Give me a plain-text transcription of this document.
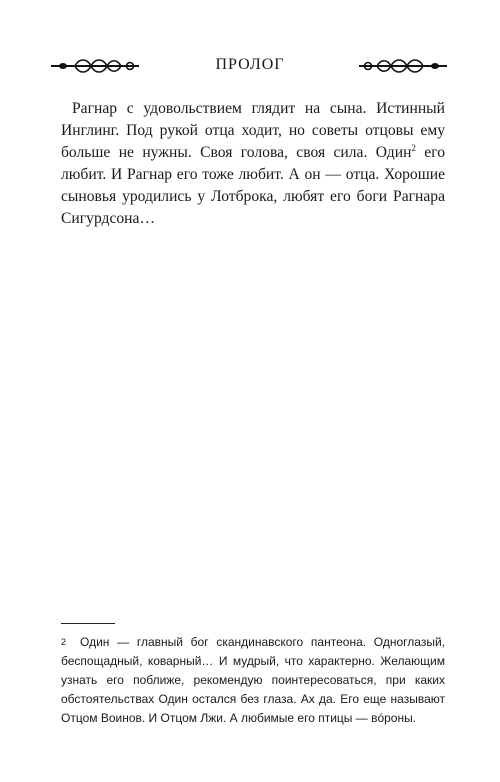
ПРОЛОГ

Рагнар с удовольствием глядит на сына. Истинный Инглинг. Под рукой отца ходит, но советы отцовы ему больше не нужны. Своя голова, своя сила. Один$^2$ его любит. И Рагнар его тоже любит. А он — отца. Хорошие сыновья уродились у Лотброка, любят его боги Рагнара Сигурдсона…

2 Один — главный бог скандинавского пантеона. Одноглазый, беспощадный, коварный… И мудрый, что характерно. Желающим узнать его поближе, рекомендую поинтересоваться, при каких обстоятельствах Один остался без глаза. Ах да. Его еще называют Отцом Воинов. И Отцом Лжи. А любимые его птицы — вóроны.
